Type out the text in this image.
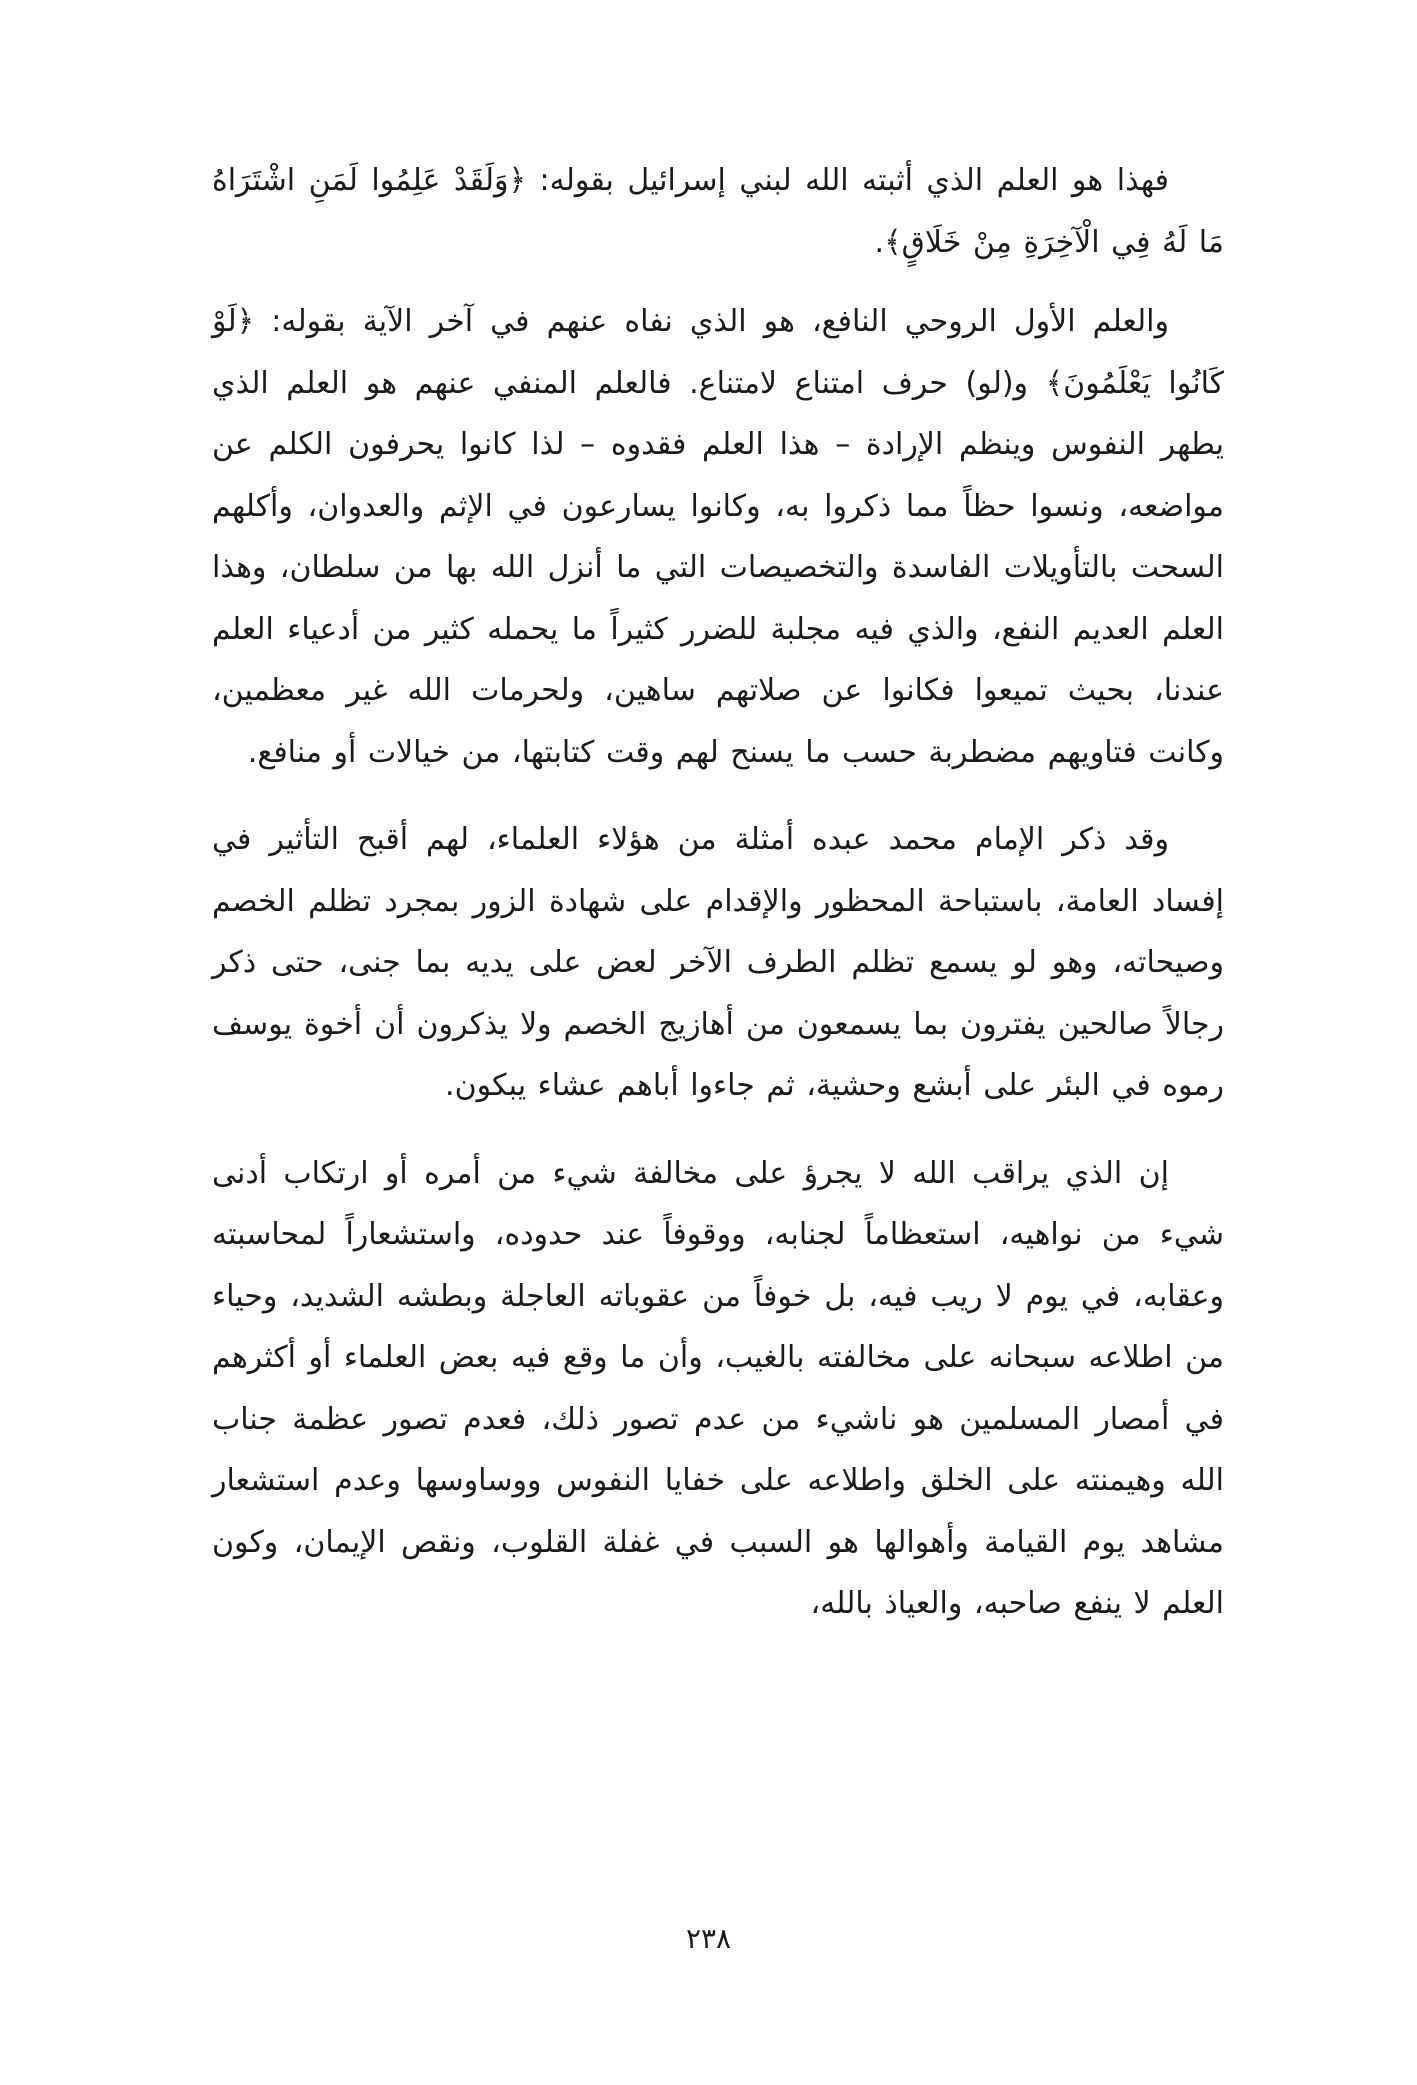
فهذا هو العلم الذي أثبته الله لبني إسرائيل بقوله: ﴿وَلَقَدْ عَلِمُوا لَمَنِ اشْتَرَاهُ مَا لَهُ فِي الْآخِرَةِ مِنْ خَلَاقٍ﴾.

والعلم الأول الروحي النافع، هو الذي نفاه عنهم في آخر الآية بقوله: ﴿لَوْ كَانُوا يَعْلَمُونَ﴾ و(لو) حرف امتناع لامتناع. فالعلم المنفي عنهم هو العلم الذي يطهر النفوس وينظم الإرادة – هذا العلم فقدوه – لذا كانوا يحرفون الكلم عن مواضعه، ونسوا حظاً مما ذكروا به، وكانوا يسارعون في الإثم والعدوان، وأكلهم السحت بالتأويلات الفاسدة والتخصيصات التي ما أنزل الله بها من سلطان، وهذا العلم العديم النفع، والذي فيه مجلبة للضرر كثيراً ما يحمله كثير من أدعياء العلم عندنا، بحيث تميعوا فكانوا عن صلاتهم ساهين، ولحرمات الله غير معظمين، وكانت فتاويهم مضطربة حسب ما يسنح لهم وقت كتابتها، من خيالات أو منافع.

وقد ذكر الإمام محمد عبده أمثلة من هؤلاء العلماء، لهم أقبح التأثير في إفساد العامة، باستباحة المحظور والإقدام على شهادة الزور بمجرد تظلم الخصم وصيحاته، وهو لو يسمع تظلم الطرف الآخر لعض على يديه بما جنى، حتى ذكر رجالاً صالحين يفترون بما يسمعون من أهازيج الخصم ولا يذكرون أن أخوة يوسف رموه في البئر على أبشع وحشية، ثم جاءوا أباهم عشاء يبكون.

إن الذي يراقب الله لا يجرؤ على مخالفة شيء من أمره أو ارتكاب أدنى شيء من نواهيه، استعظاماً لجنابه، ووقوفاً عند حدوده، واستشعاراً لمحاسبته وعقابه، في يوم لا ريب فيه، بل خوفاً من عقوباته العاجلة وبطشه الشديد، وحياء من اطلاعه سبحانه على مخالفته بالغيب، وأن ما وقع فيه بعض العلماء أو أكثرهم في أمصار المسلمين هو ناشيء من عدم تصور ذلك، فعدم تصور عظمة جناب الله وهيمنته على الخلق واطلاعه على خفايا النفوس ووساوسها وعدم استشعار مشاهد يوم القيامة وأهوالها هو السبب في غفلة القلوب، ونقص الإيمان، وكون العلم لا ينفع صاحبه، والعياذ بالله،

٢٣٨
